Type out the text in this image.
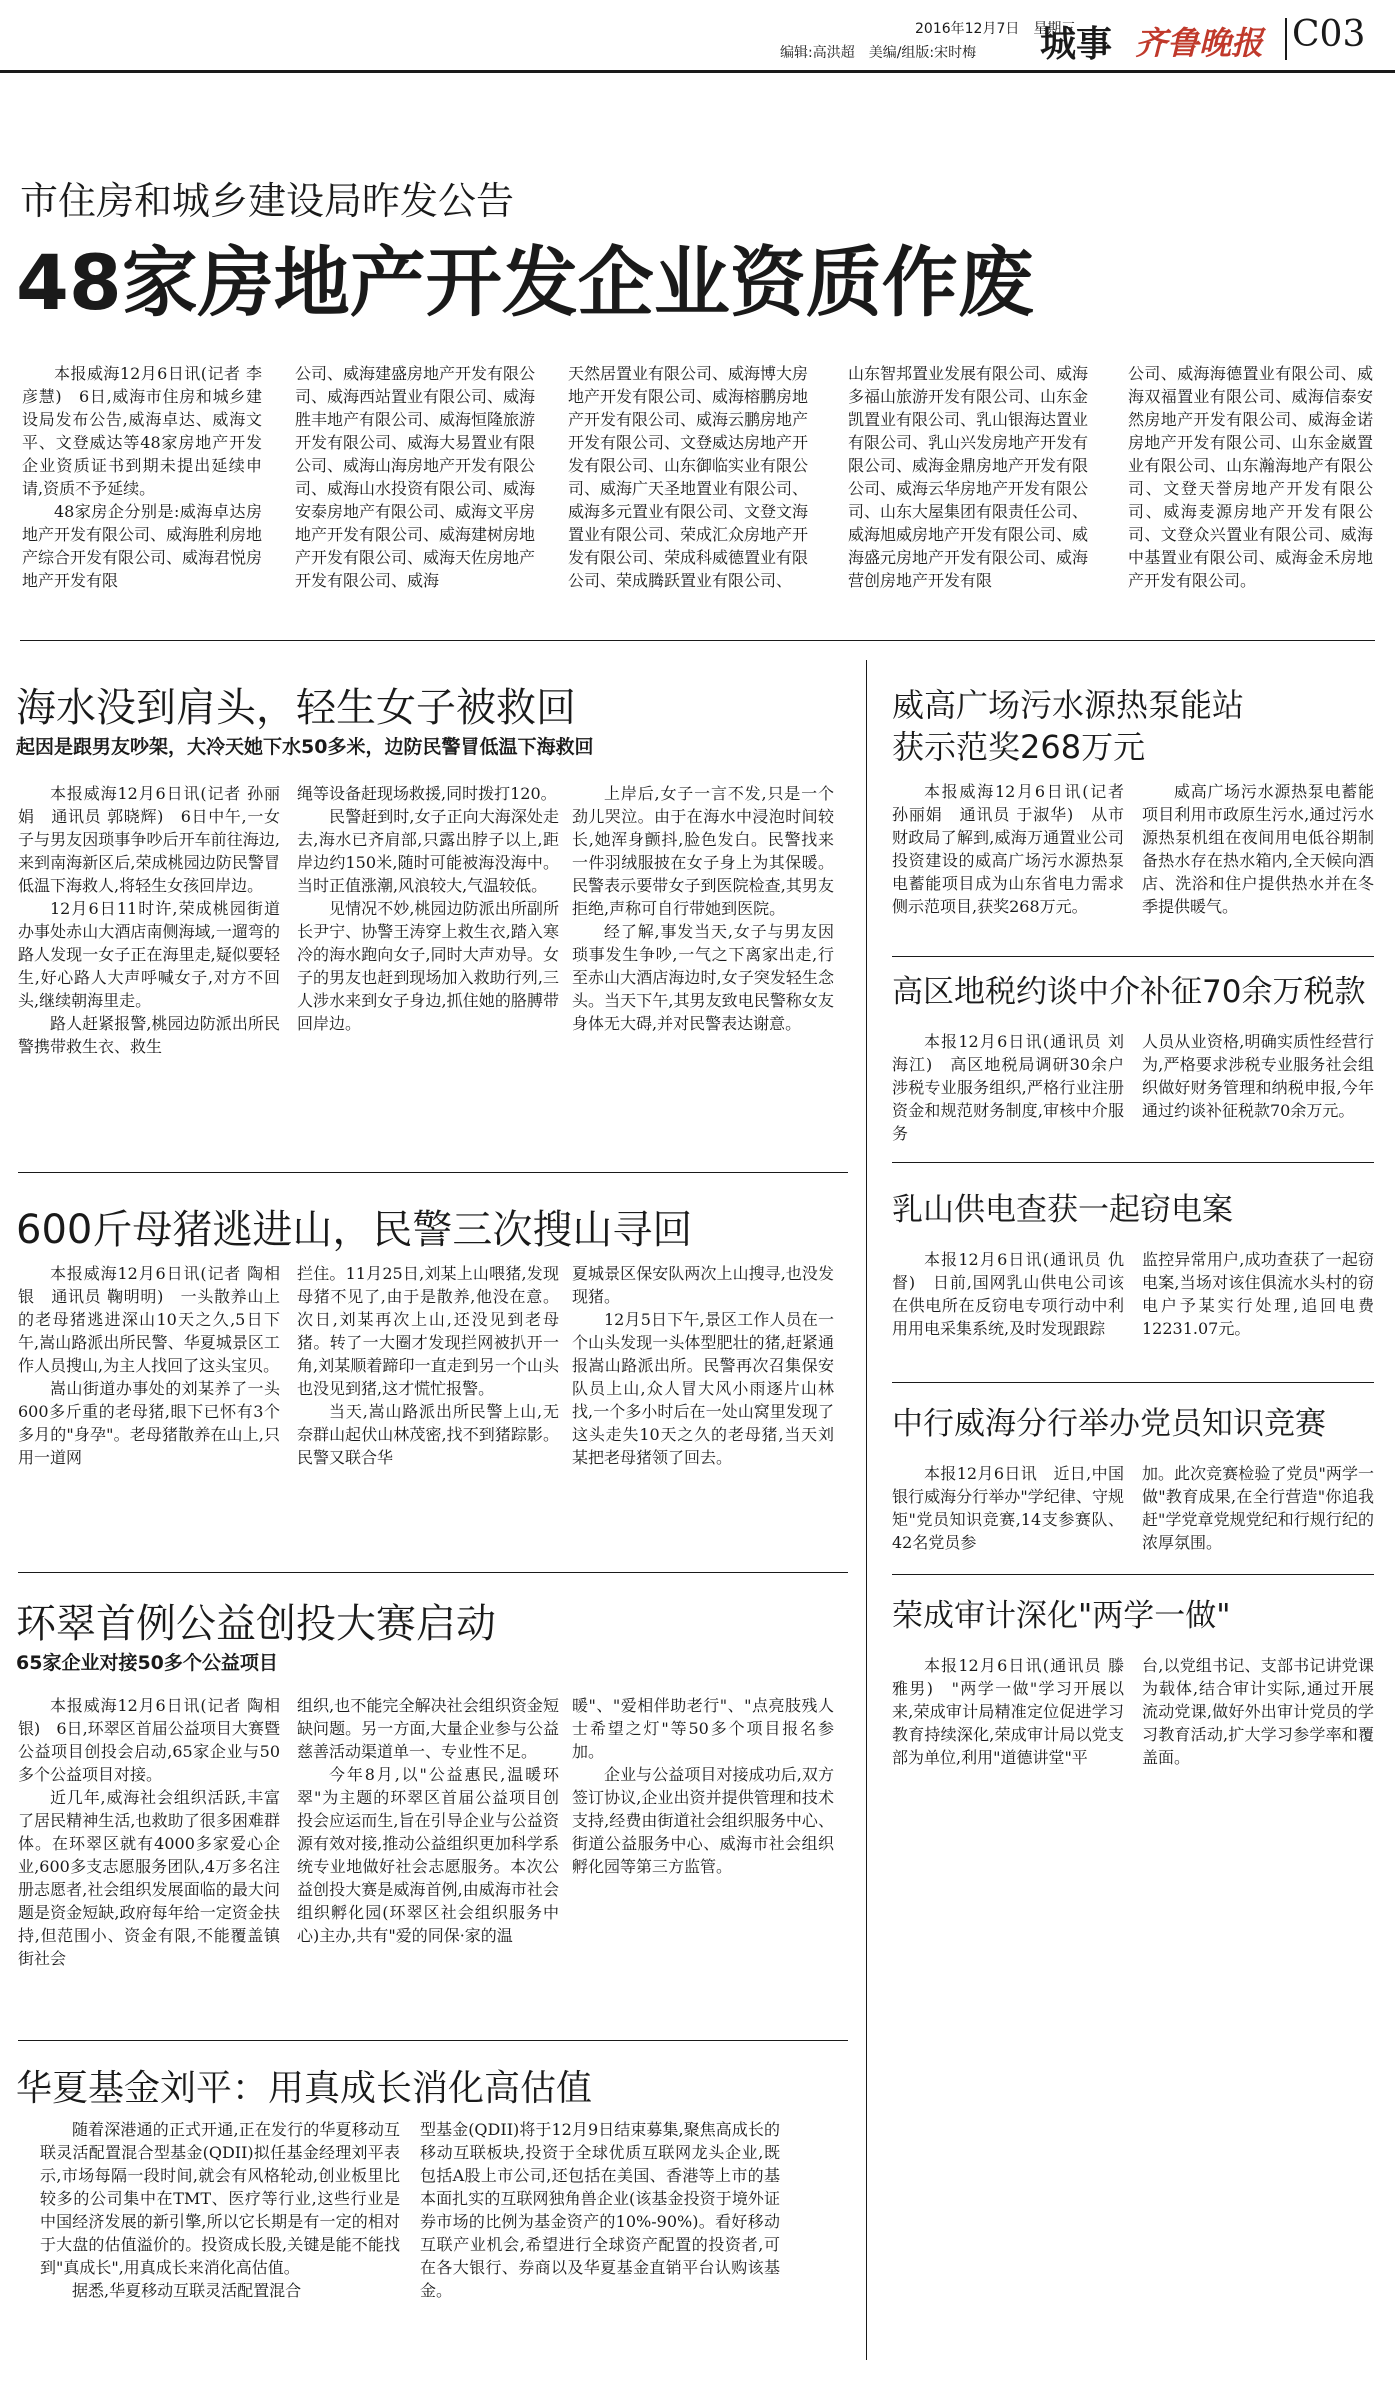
2016年12月7日　星期三
编辑:高洪超　美编/组版:宋时梅 城事 齐鲁晚报 C03
市住房和城乡建设局昨发公告
48家房地产开发企业资质作废

本报威海12月6日讯(记者 李彦慧)　6日,威海市住房和城乡建设局发布公告,威海卓达、威海文平、文登威达等48家房地产开发企业资质证书到期未提出延续申请,资质不予延续。

48家房企分别是:威海卓达房地产开发有限公司、威海胜利房地产综合开发有限公司、威海君悦房地产开发有限

公司、威海建盛房地产开发有限公司、威海西站置业有限公司、威海胜丰地产有限公司、威海恒隆旅游开发有限公司、威海大易置业有限公司、威海山海房地产开发有限公司、威海山水投资有限公司、威海安泰房地产有限公司、威海文平房地产开发有限公司、威海建树房地产开发有限公司、威海天佐房地产开发有限公司、威海

天然居置业有限公司、威海博大房地产开发有限公司、威海榕鹏房地产开发有限公司、威海云鹏房地产开发有限公司、文登威达房地产开发有限公司、山东御临实业有限公司、威海广天圣地置业有限公司、威海多元置业有限公司、文登文海置业有限公司、荣成汇众房地产开发有限公司、荣成科威德置业有限公司、荣成腾跃置业有限公司、

山东智邦置业发展有限公司、威海多福山旅游开发有限公司、山东金凯置业有限公司、乳山银海达置业有限公司、乳山兴发房地产开发有限公司、威海金鼎房地产开发有限公司、威海云华房地产开发有限公司、山东大屋集团有限责任公司、威海旭威房地产开发有限公司、威海盛元房地产开发有限公司、威海营创房地产开发有限

公司、威海海德置业有限公司、威海双福置业有限公司、威海信泰安然房地产开发有限公司、威海金诺房地产开发有限公司、山东金崴置业有限公司、山东瀚海地产有限公司、文登天誉房地产开发有限公司、威海麦源房地产开发有限公司、文登众兴置业有限公司、威海中基置业有限公司、威海金禾房地产开发有限公司。

海水没到肩头，轻生女子被救回
起因是跟男友吵架，大冷天她下水50多米，边防民警冒低温下海救回

本报威海12月6日讯(记者 孙丽娟　通讯员 郭晓辉)　6日中午,一女子与男友因琐事争吵后开车前往海边,来到南海新区后,荣成桃园边防民警冒低温下海救人,将轻生女孩回岸边。

12月6日11时许,荣成桃园街道办事处赤山大酒店南侧海域,一遛弯的路人发现一女子正在海里走,疑似要轻生,好心路人大声呼喊女子,对方不回头,继续朝海里走。

路人赶紧报警,桃园边防派出所民警携带救生衣、救生

绳等设备赶现场救援,同时拨打120。

民警赶到时,女子正向大海深处走去,海水已齐肩部,只露出脖子以上,距岸边约150米,随时可能被海没海中。当时正值涨潮,风浪较大,气温较低。

见情况不妙,桃园边防派出所副所长尹宁、协警王涛穿上救生衣,踏入寒冷的海水跑向女子,同时大声劝导。女子的男友也赶到现场加入救助行列,三人涉水来到女子身边,抓住她的胳膊带回岸边。

上岸后,女子一言不发,只是一个劲儿哭泣。由于在海水中浸泡时间较长,她浑身颤抖,脸色发白。民警找来一件羽绒服披在女子身上为其保暖。民警表示要带女子到医院检查,其男友拒绝,声称可自行带她到医院。

经了解,事发当天,女子与男友因琐事发生争吵,一气之下离家出走,行至赤山大酒店海边时,女子突发轻生念头。当天下午,其男友致电民警称女友身体无大碍,并对民警表达谢意。

600斤母猪逃进山，民警三次搜山寻回

本报威海12月6日讯(记者 陶相银　通讯员 鞠明明)　一头散养山上的老母猪逃进深山10天之久,5日下午,嵩山路派出所民警、华夏城景区工作人员搜山,为主人找回了这头宝贝。

嵩山街道办事处的刘某养了一头600多斤重的老母猪,眼下已怀有3个多月的"身孕"。老母猪散养在山上,只用一道网

拦住。11月25日,刘某上山喂猪,发现母猪不见了,由于是散养,他没在意。次日,刘某再次上山,还没见到老母猪。转了一大圈才发现拦网被扒开一角,刘某顺着蹄印一直走到另一个山头也没见到猪,这才慌忙报警。

当天,嵩山路派出所民警上山,无奈群山起伏山林茂密,找不到猪踪影。民警又联合华

夏城景区保安队两次上山搜寻,也没发现猪。

12月5日下午,景区工作人员在一个山头发现一头体型肥壮的猪,赶紧通报嵩山路派出所。民警再次召集保安队员上山,众人冒大风小雨逐片山林找,一个多小时后在一处山窝里发现了这头走失10天之久的老母猪,当天刘某把老母猪领了回去。

环翠首例公益创投大赛启动
65家企业对接50多个公益项目

本报威海12月6日讯(记者 陶相银)　6日,环翠区首届公益项目大赛暨公益项目创投会启动,65家企业与50多个公益项目对接。

近几年,威海社会组织活跃,丰富了居民精神生活,也救助了很多困难群体。在环翠区就有4000多家爱心企业,600多支志愿服务团队,4万多名注册志愿者,社会组织发展面临的最大问题是资金短缺,政府每年给一定资金扶持,但范围小、资金有限,不能覆盖镇街社会

组织,也不能完全解决社会组织资金短缺问题。另一方面,大量企业参与公益慈善活动渠道单一、专业性不足。

今年8月,以"公益惠民,温暖环翠"为主题的环翠区首届公益项目创投会应运而生,旨在引导企业与公益资源有效对接,推动公益组织更加科学系统专业地做好社会志愿服务。本次公益创投大赛是威海首例,由威海市社会组织孵化园(环翠区社会组织服务中心)主办,共有"爱的同保·家的温

暖"、"爱相伴助老行"、"点亮肢残人士希望之灯"等50多个项目报名参加。

企业与公益项目对接成功后,双方签订协议,企业出资并提供管理和技术支持,经费由街道社会组织服务中心、街道公益服务中心、威海市社会组织孵化园等第三方监管。

华夏基金刘平：用真成长消化高估值

随着深港通的正式开通,正在发行的华夏移动互联灵活配置混合型基金(QDII)拟任基金经理刘平表示,市场每隔一段时间,就会有风格轮动,创业板里比较多的公司集中在TMT、医疗等行业,这些行业是中国经济发展的新引擎,所以它长期是有一定的相对于大盘的估值溢价的。投资成长股,关键是能不能找到"真成长",用真成长来消化高估值。

据悉,华夏移动互联灵活配置混合

型基金(QDII)将于12月9日结束募集,聚焦高成长的移动互联板块,投资于全球优质互联网龙头企业,既包括A股上市公司,还包括在美国、香港等上市的基本面扎实的互联网独角兽企业(该基金投资于境外证券市场的比例为基金资产的10%-90%)。看好移动互联产业机会,希望进行全球资产配置的投资者,可在各大银行、券商以及华夏基金直销平台认购该基金。

威高广场污水源热泵能站
获示范奖268万元

本报威海12月6日讯(记者 孙丽娟　通讯员 于淑华)　从市财政局了解到,威海万通置业公司投资建设的威高广场污水源热泵电蓄能项目成为山东省电力需求侧示范项目,获奖268万元。

威高广场污水源热泵电蓄能项目利用市政原生污水,通过污水源热泵机组在夜间用电低谷期制备热水存在热水箱内,全天候向酒店、洗浴和住户提供热水并在冬季提供暖气。

高区地税约谈中介补征70余万税款

本报12月6日讯(通讯员 刘海江)　高区地税局调研30余户涉税专业服务组织,严格行业注册资金和规范财务制度,审核中介服务

人员从业资格,明确实质性经营行为,严格要求涉税专业服务社会组织做好财务管理和纳税申报,今年通过约谈补征税款70余万元。

乳山供电查获一起窃电案

本报12月6日讯(通讯员 仇督)　日前,国网乳山供电公司该在供电所在反窃电专项行动中利用用电采集系统,及时发现跟踪

监控异常用户,成功查获了一起窃电案,当场对该住俱流水头村的窃电户予某实行处理,追回电费12231.07元。

中行威海分行举办党员知识竞赛

本报12月6日讯　近日,中国银行威海分行举办"学纪律、守规矩"党员知识竞赛,14支参赛队、42名党员参

加。此次竞赛检验了党员"两学一做"教育成果,在全行营造"你追我赶"学党章党规党纪和行规行纪的浓厚氛围。

荣成审计深化"两学一做"

本报12月6日讯(通讯员 滕雅男)　"两学一做"学习开展以来,荣成审计局精准定位促进学习教育持续深化,荣成审计局以党支部为单位,利用"道德讲堂"平

台,以党组书记、支部书记讲党课为载体,结合审计实际,通过开展流动党课,做好外出审计党员的学习教育活动,扩大学习参学率和覆盖面。
